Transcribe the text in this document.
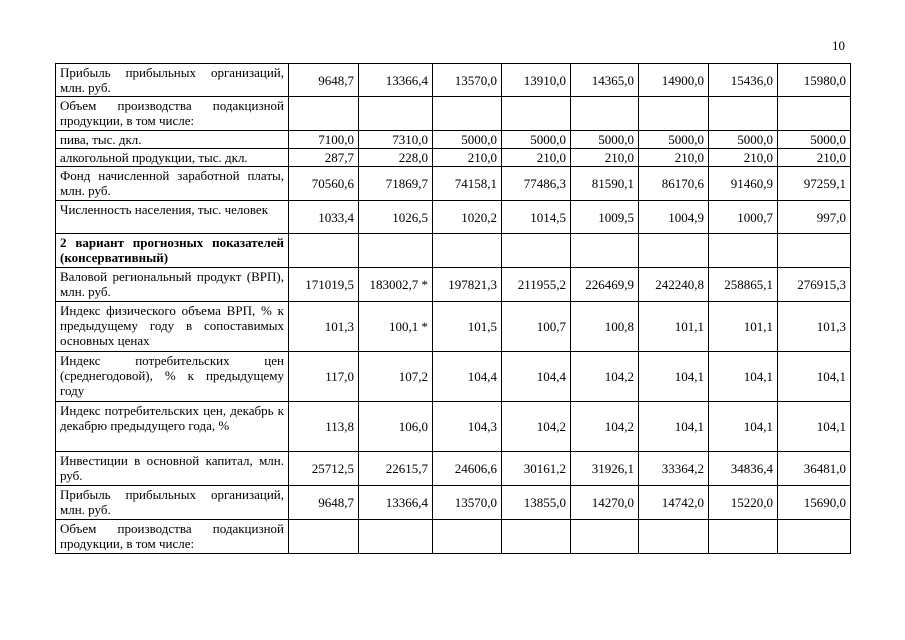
10
Прибыль прибыльных организаций, млн. руб.	9648,7	13366,4	13570,0	13910,0	14365,0	14900,0	15436,0	15980,0
Объем производства подакцизной продукции, в том числе:								
пива, тыс. дкл.	7100,0	7310,0	5000,0	5000,0	5000,0	5000,0	5000,0	5000,0
алкогольной продукции, тыс. дкл.	287,7	228,0	210,0	210,0	210,0	210,0	210,0	210,0
Фонд начисленной заработной платы, млн. руб.	70560,6	71869,7	74158,1	77486,3	81590,1	86170,6	91460,9	97259,1
Численность населения, тыс. человек	1033,4	1026,5	1020,2	1014,5	1009,5	1004,9	1000,7	997,0
2 вариант прогнозных показателей (консервативный)								
Валовой региональный продукт (ВРП), млн. руб.	171019,5	183002,7 *	197821,3	211955,2	226469,9	242240,8	258865,1	276915,3
Индекс физического объема ВРП, % к предыдущему году в сопоставимых основных ценах	101,3	100,1 *	101,5	100,7	100,8	101,1	101,1	101,3
Индекс потребительских цен (среднегодовой), % к предыдущему году	117,0	107,2	104,4	104,4	104,2	104,1	104,1	104,1
Индекс потребительских цен, декабрь к декабрю предыдущего года, %	113,8	106,0	104,3	104,2	104,2	104,1	104,1	104,1
Инвестиции в основной капитал, млн. руб.	25712,5	22615,7	24606,6	30161,2	31926,1	33364,2	34836,4	36481,0
Прибыль прибыльных организаций, млн. руб.	9648,7	13366,4	13570,0	13855,0	14270,0	14742,0	15220,0	15690,0
Объем производства подакцизной продукции, в том числе:								
